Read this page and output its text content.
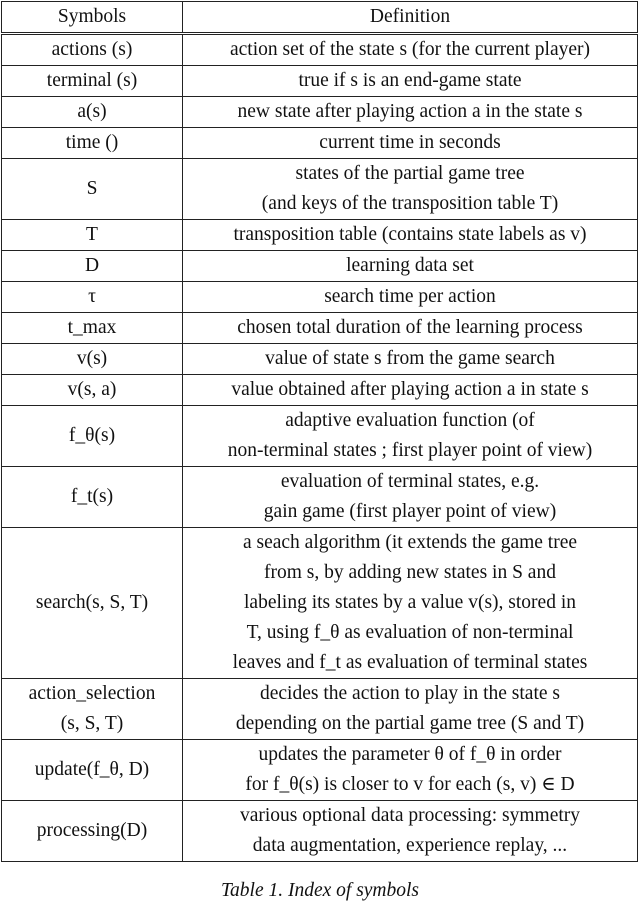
Symbols	Definition
actions (s)	action set of the state s (for the current player)
terminal (s)	true if s is an end-game state
a(s)	new state after playing action a in the state s
time ()	current time in seconds
S	states of the partial game tree
(and keys of the transposition table T)
T	transposition table (contains state labels as v)
D	learning data set
τ	search time per action
t_max	chosen total duration of the learning process
v(s)	value of state s from the game search
v(s, a)	value obtained after playing action a in state s
f_θ(s)	adaptive evaluation function (of
non-terminal states ; first player point of view)
f_t(s)	evaluation of terminal states, e.g.
gain game (first player point of view)
search(s, S, T)	a seach algorithm (it extends the game tree
from s, by adding new states in S and
labeling its states by a value v(s), stored in
T, using f_θ as evaluation of non-terminal
leaves and f_t as evaluation of terminal states
action_selection
(s, S, T)	decides the action to play in the state s
depending on the partial game tree (S and T)
update(f_θ, D)	updates the parameter θ of f_θ in order
for f_θ(s) is closer to v for each (s, v) ∈ D
processing(D)	various optional data processing: symmetry
data augmentation, experience replay, ...
Table 1. Index of symbols
